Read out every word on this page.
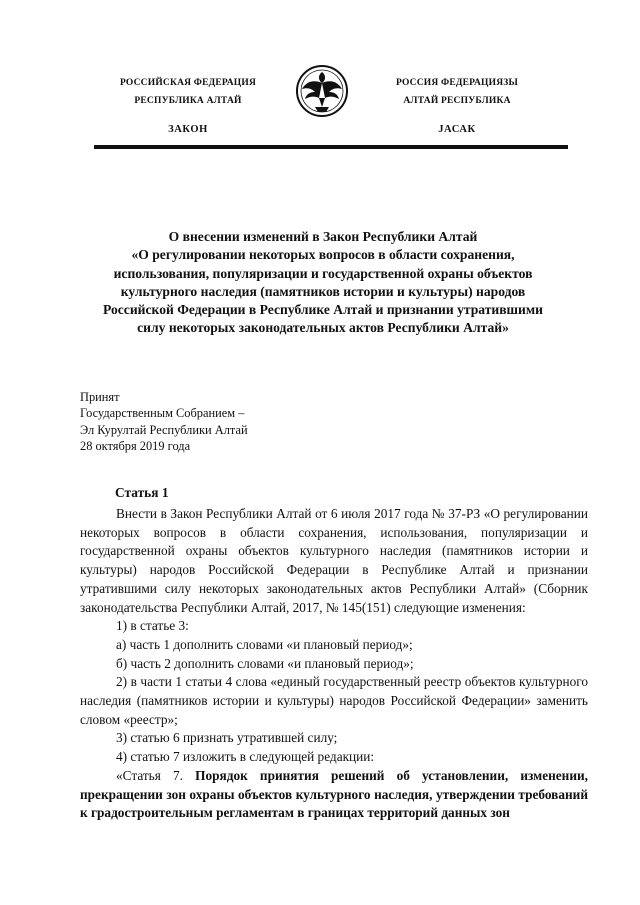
РОССИЙСКАЯ ФЕДЕРАЦИЯ
РЕСПУБЛИКА АЛТАЙ
ЗАКОН
РОССИЯ ФЕДЕРАЦИЯЗЫ
АЛТАЙ РЕСПУБЛИКА
JАСАК
О внесении изменений в Закон Республики Алтай
«О регулировании некоторых вопросов в области сохранения,
использования, популяризации и государственной охраны объектов
культурного наследия (памятников истории и культуры) народов
Российской Федерации в Республике Алтай и признании утратившими
силу некоторых законодательных актов Республики Алтай»
Принят
Государственным Собранием –
Эл Курултай Республики Алтай
28 октября 2019 года
Статья 1

Внести в Закон Республики Алтай от 6 июля 2017 года № 37-РЗ «О регулировании некоторых вопросов в области сохранения, использования, популяризации и государственной охраны объектов культурного наследия (памятников истории и культуры) народов Российской Федерации в Республике Алтай и признании утратившими силу некоторых законодательных актов Республики Алтай» (Сборник законодательства Республики Алтай, 2017, № 145(151) следующие изменения:

1) в статье 3:

а) часть 1 дополнить словами «и плановый период»;

б) часть 2 дополнить словами «и плановый период»;

2) в части 1 статьи 4 слова «единый государственный реестр объектов культурного наследия (памятников истории и культуры) народов Российской Федерации» заменить словом «реестр»;

3) статью 6 признать утратившей силу;

4) статью 7 изложить в следующей редакции:

«Статья 7. Порядок принятия решений об установлении, изменении, прекращении зон охраны объектов культурного наследия, утверждении требований к градостроительным регламентам в границах территорий данных зон
